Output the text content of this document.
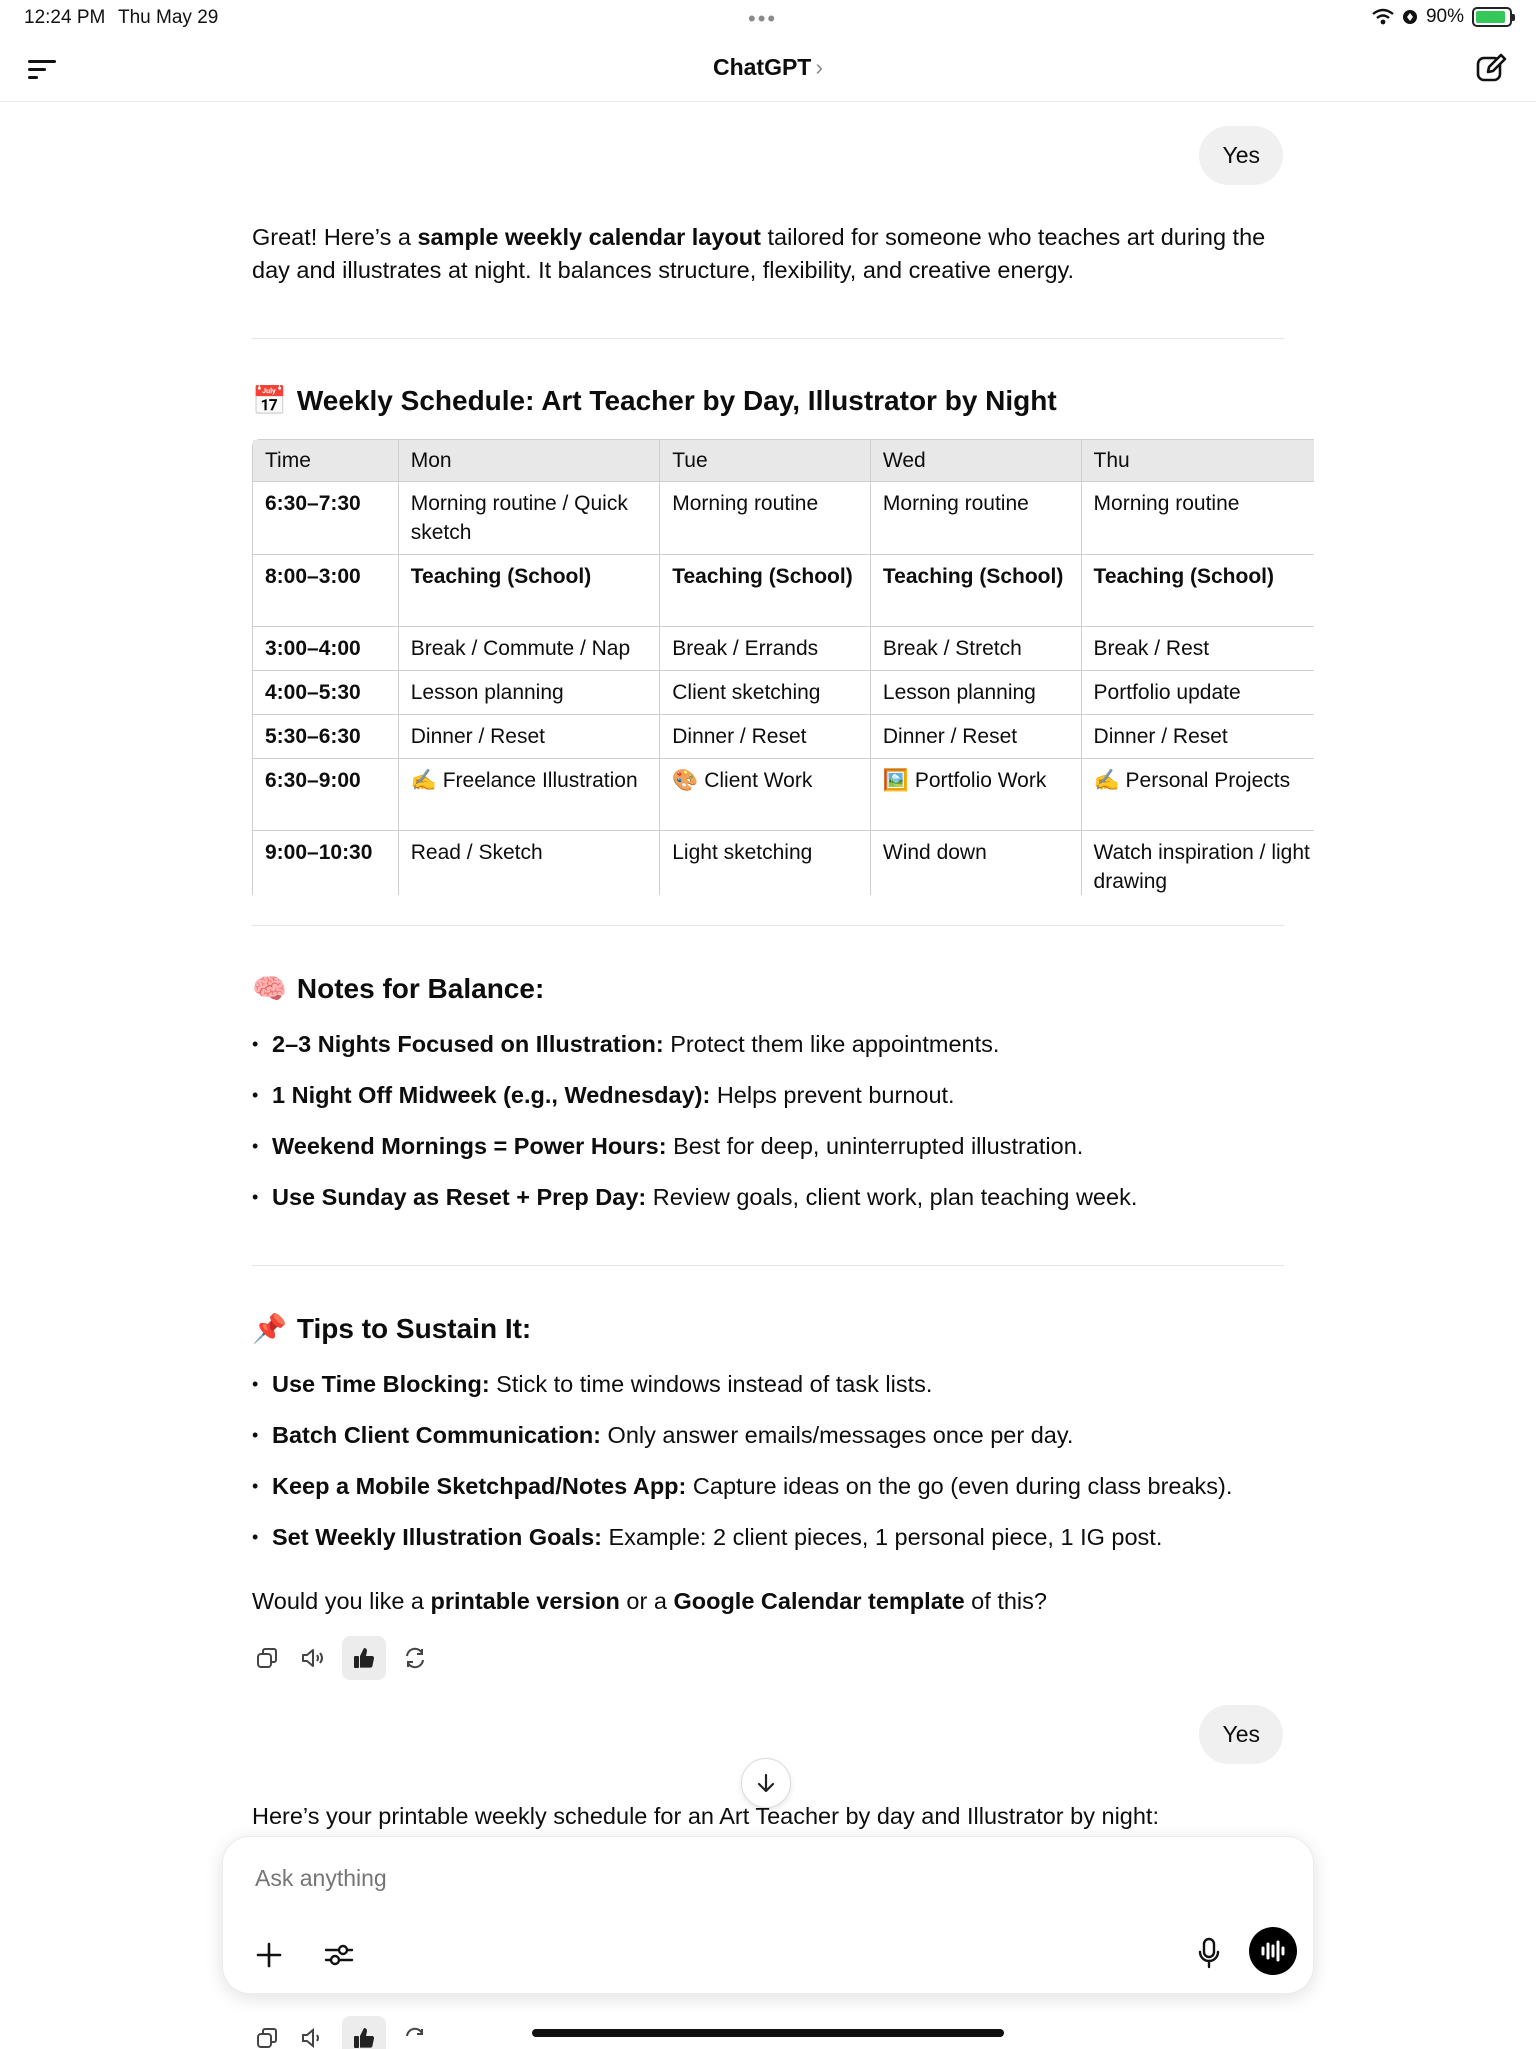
12:24 PM Thu May 29	•••	90%
ChatGPT ›
Yes
Great! Here’s a sample weekly calendar layout tailored for someone who teaches art during the day and illustrates at night. It balances structure, flexibility, and creative energy.
📅 Weekly Schedule: Art Teacher by Day, Illustrator by Night
Time	Mon	Tue	Wed	Thu
6:30–7:30	Morning routine / Quick sketch	Morning routine	Morning routine	Morning routine
8:00–3:00	Teaching (School)	Teaching (School)	Teaching (School)	Teaching (School)
3:00–4:00	Break / Commute / Nap	Break / Errands	Break / Stretch	Break / Rest
4:00–5:30	Lesson planning	Client sketching	Lesson planning	Portfolio update
5:30–6:30	Dinner / Reset	Dinner / Reset	Dinner / Reset	Dinner / Reset
6:30–9:00	✍️ Freelance Illustration	🎨 Client Work	🖼️ Portfolio Work	✍️ Personal Projects
9:00–10:30	Read / Sketch	Light sketching	Wind down	Watch inspiration / light drawing
🧠 Notes for Balance:
• 2–3 Nights Focused on Illustration: Protect them like appointments.
• 1 Night Off Midweek (e.g., Wednesday): Helps prevent burnout.
• Weekend Mornings = Power Hours: Best for deep, uninterrupted illustration.
• Use Sunday as Reset + Prep Day: Review goals, client work, plan teaching week.
📌 Tips to Sustain It:
• Use Time Blocking: Stick to time windows instead of task lists.
• Batch Client Communication: Only answer emails/messages once per day.
• Keep a Mobile Sketchpad/Notes App: Capture ideas on the go (even during class breaks).
• Set Weekly Illustration Goals: Example: 2 client pieces, 1 personal piece, 1 IG post.
Would you like a printable version or a Google Calendar template of this?
Yes
Here’s your printable weekly schedule for an Art Teacher by day and Illustrator by night:
Ask anything
